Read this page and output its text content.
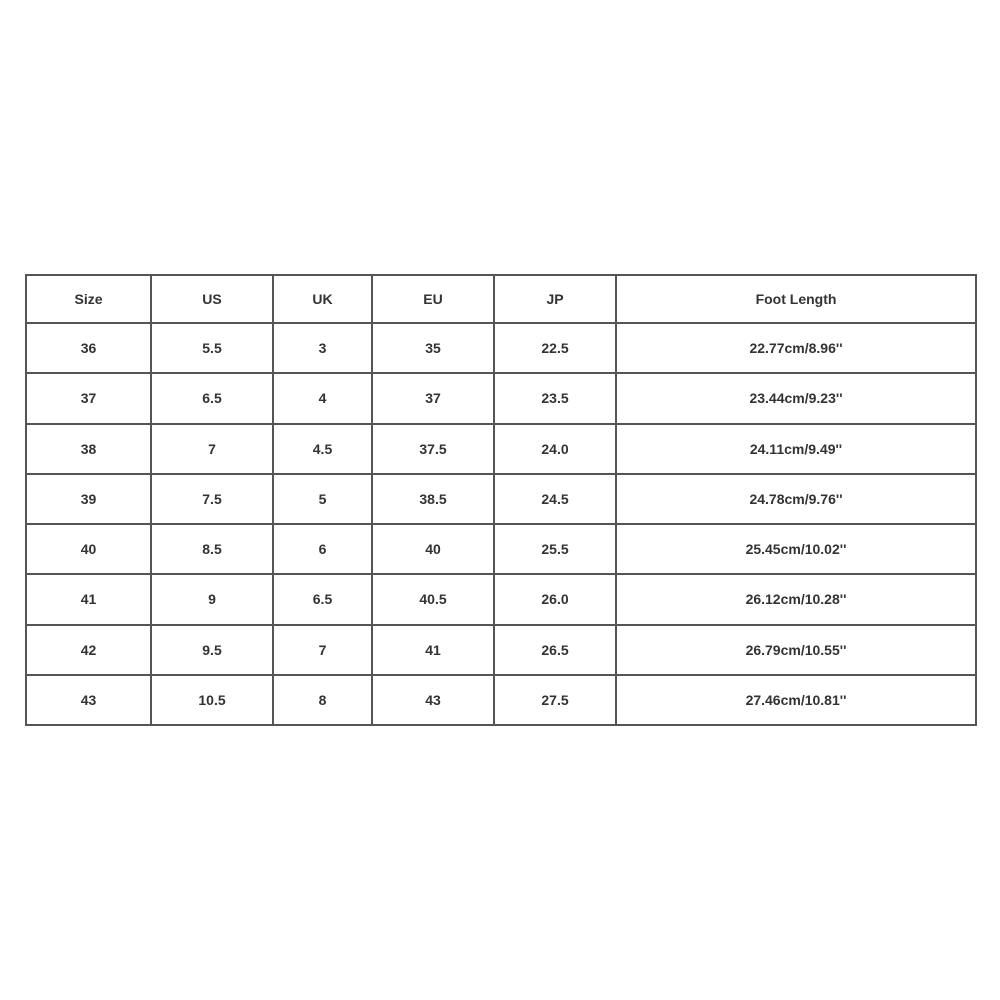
Size	US	UK	EU	JP	Foot Length
36	5.5	3	35	22.5	22.77cm/8.96''
37	6.5	4	37	23.5	23.44cm/9.23''
38	7	4.5	37.5	24.0	24.11cm/9.49''
39	7.5	5	38.5	24.5	24.78cm/9.76''
40	8.5	6	40	25.5	25.45cm/10.02''
41	9	6.5	40.5	26.0	26.12cm/10.28''
42	9.5	7	41	26.5	26.79cm/10.55''
43	10.5	8	43	27.5	27.46cm/10.81''
